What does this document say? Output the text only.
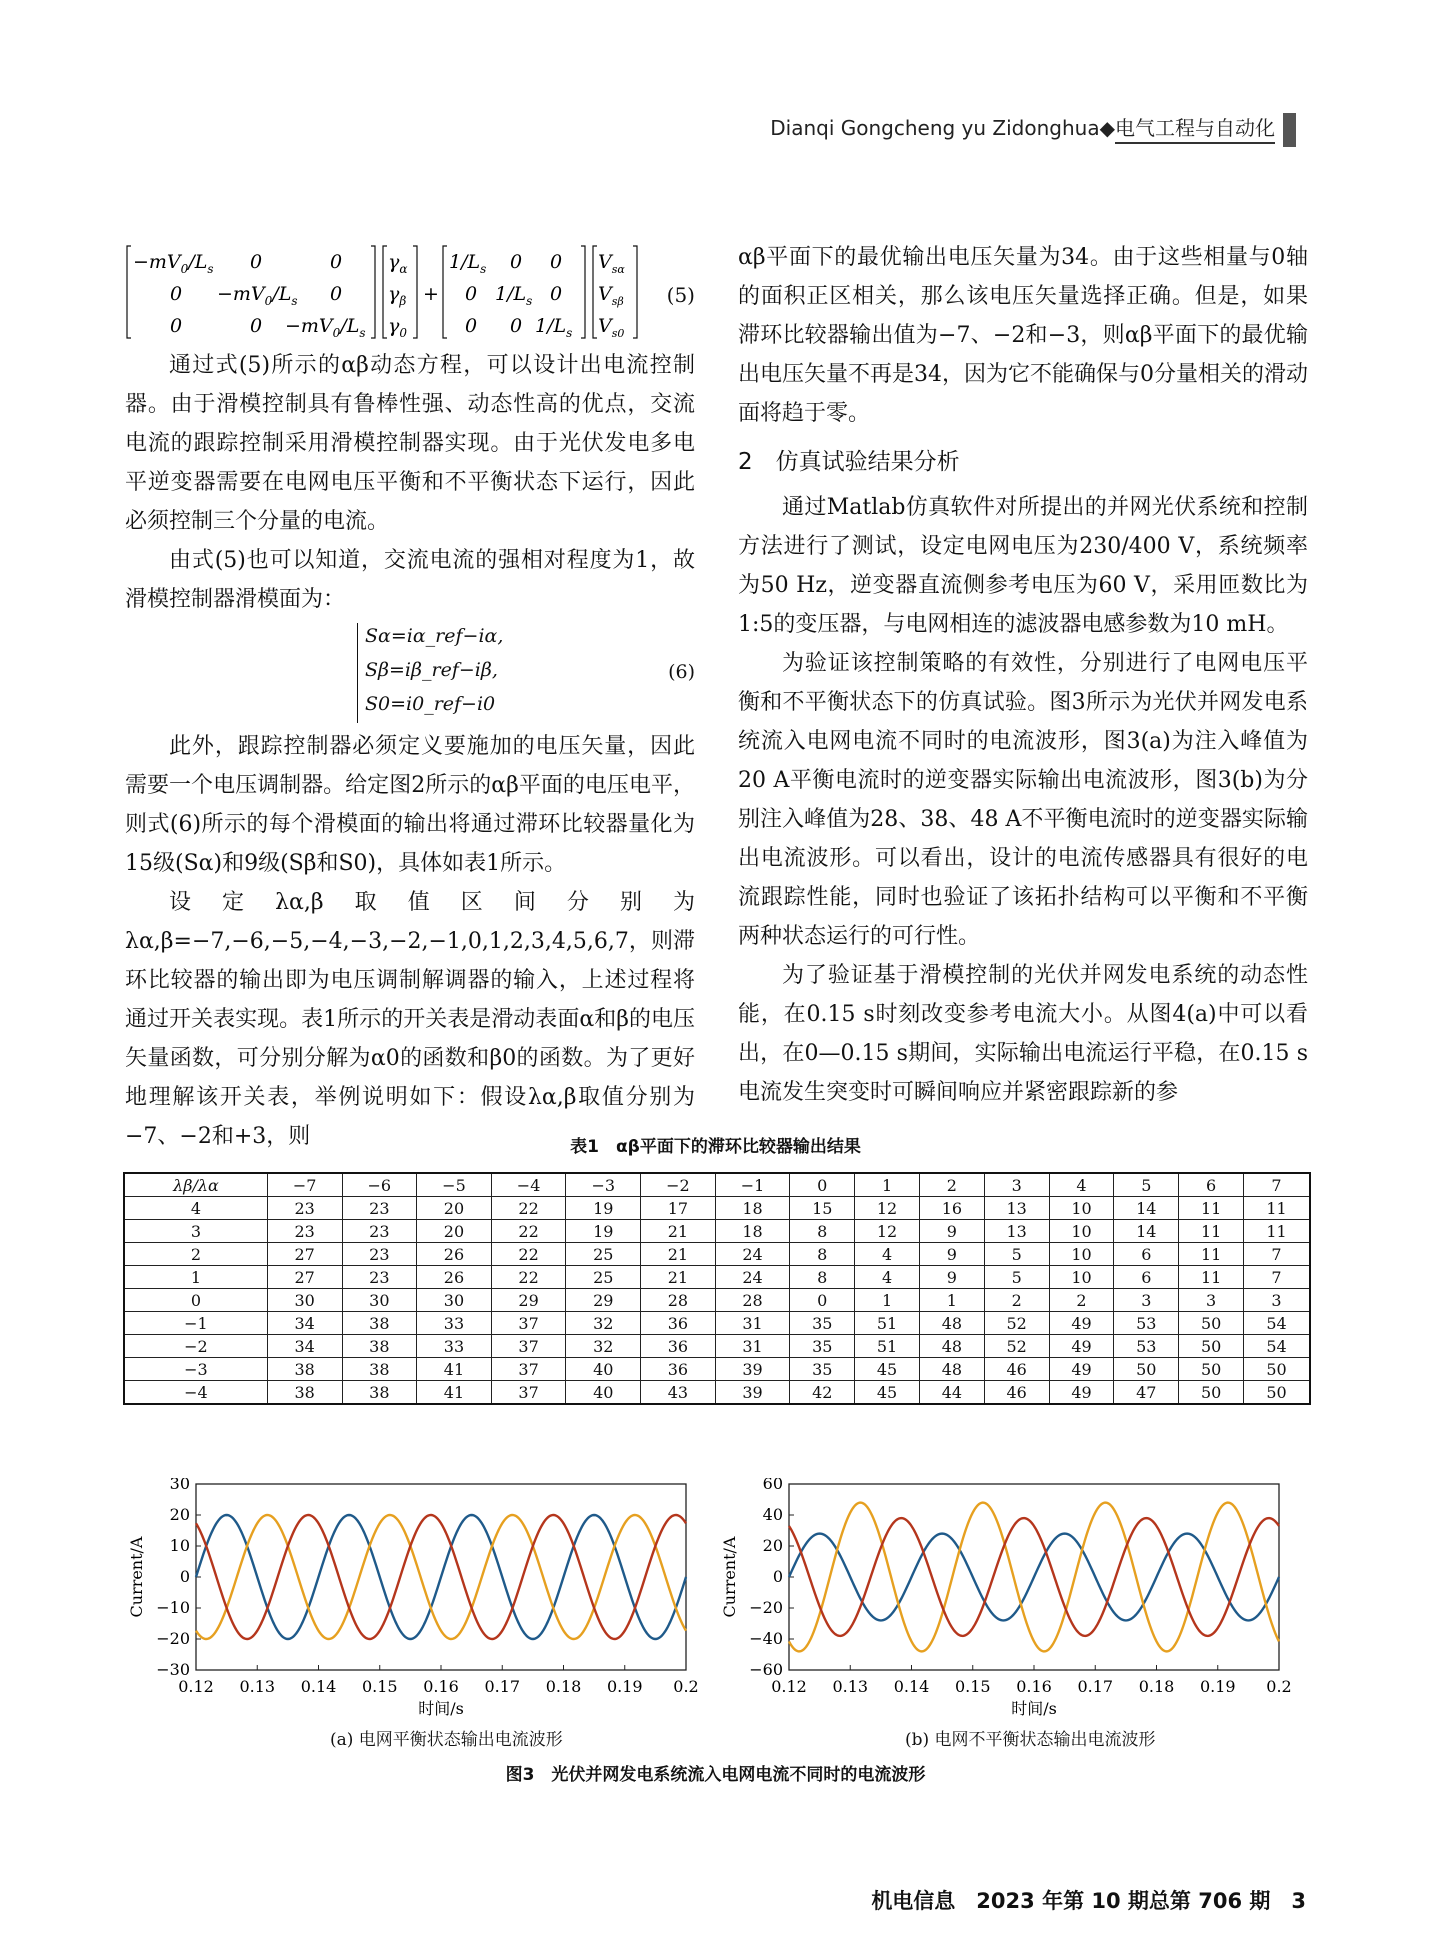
Dianqi Gongcheng yu Zidonghua◆电气工程与自动化
$-mV_0/L_s$ 0	0
$0 -mV_0/L_s$ 0
0	$0 -mV_0/L_s$
$\gamma_\alpha$
$\gamma_\beta$
$\gamma_0$
+
$1/L_s$ 0 0
0 $1/L_s$ 0
0 0 $1/L_s$
$V_{s\alpha}$
$V_{s\beta}$
$V_{s0}$
(5)

通过式(5)所示的αβ动态方程，可以设计出电流控制器。由于滑模控制具有鲁棒性强、动态性高的优点，交流电流的跟踪控制采用滑模控制器实现。由于光伏发电多电平逆变器需要在电网电压平衡和不平衡状态下运行，因此必须控制三个分量的电流。

由式(5)也可以知道，交流电流的强相对程度为1，故滑模控制器滑模面为：

Sα=iα_ref−iα,
Sβ=iβ_ref−iβ,
S0=i0_ref−i0
(6)

此外，跟踪控制器必须定义要施加的电压矢量，因此需要一个电压调制器。给定图2所示的αβ平面的电压电平，则式(6)所示的每个滑模面的输出将通过滞环比较器量化为15级(Sα)和9级(Sβ和S0)，具体如表1所示。

设定λα,β取值区间分别为λα,β=−7,−6,−5,−4,−3,−2,−1,0,1,2,3,4,5,6,7，则滞环比较器的输出即为电压调制解调器的输入，上述过程将通过开关表实现。表1所示的开关表是滑动表面α和β的电压矢量函数，可分别分解为α0的函数和β0的函数。为了更好地理解该开关表，举例说明如下：假设λα,β取值分别为−7、−2和+3，则

αβ平面下的最优输出电压矢量为34。由于这些相量与0轴的面积正区相关，那么该电压矢量选择正确。但是，如果滞环比较器输出值为−7、−2和−3，则αβ平面下的最优输出电压矢量不再是34，因为它不能确保与0分量相关的滑动面将趋于零。

2　仿真试验结果分析

通过Matlab仿真软件对所提出的并网光伏系统和控制方法进行了测试，设定电网电压为230/400 V，系统频率为50 Hz，逆变器直流侧参考电压为60 V，采用匝数比为1:5的变压器，与电网相连的滤波器电感参数为10 mH。

为验证该控制策略的有效性，分别进行了电网电压平衡和不平衡状态下的仿真试验。图3所示为光伏并网发电系统流入电网电流不同时的电流波形，图3(a)为注入峰值为20 A平衡电流时的逆变器实际输出电流波形，图3(b)为分别注入峰值为28、38、48 A不平衡电流时的逆变器实际输出电流波形。可以看出，设计的电流传感器具有很好的电流跟踪性能，同时也验证了该拓扑结构可以平衡和不平衡两种状态运行的可行性。

为了验证基于滑模控制的光伏并网发电系统的动态性能，在0.15 s时刻改变参考电流大小。从图4(a)中可以看出，在0—0.15 s期间，实际输出电流运行平稳，在0.15 s电流发生突变时可瞬间响应并紧密跟踪新的参

表1　αβ平面下的滞环比较器输出结果
λβ/λα	−7	−6	−5	−4	−3	−2	−1	0	1	2	3	4	5	6	7
4	23	23	20	22	19	17	18	15	12	16	13	10	14	11	11
3	23	23	20	22	19	21	18	8	12	9	13	10	14	11	11
2	27	23	26	22	25	21	24	8	4	9	5	10	6	11	7
1	27	23	26	22	25	21	24	8	4	9	5	10	6	11	7
0	30	30	30	29	29	28	28	0	1	1	2	2	3	3	3
−1	34	38	33	37	32	36	31	35	51	48	52	49	53	50	54
−2	34	38	33	37	32	36	31	35	51	48	52	49	53	50	54
−3	38	38	41	37	40	36	39	35	45	48	46	49	50	50	50
−4	38	38	41	37	40	43	39	42	45	44	46	49	47	50	50
0.12 0.13 0.14 0.15 0.16 0.17 0.18 0.19 0.2
30
20
10
0
−10
−20
−30
时间/s
Current/A
0.12 0.13 0.14 0.15 0.16 0.17 0.18 0.19 0.2
60
40
20
0
−20
−40
−60
时间/s
Current/A
(a) 电网平衡状态输出电流波形	(b) 电网不平衡状态输出电流波形
图3　光伏并网发电系统流入电网电流不同时的电流波形
机电信息　2023 年第 10 期总第 706 期　3
